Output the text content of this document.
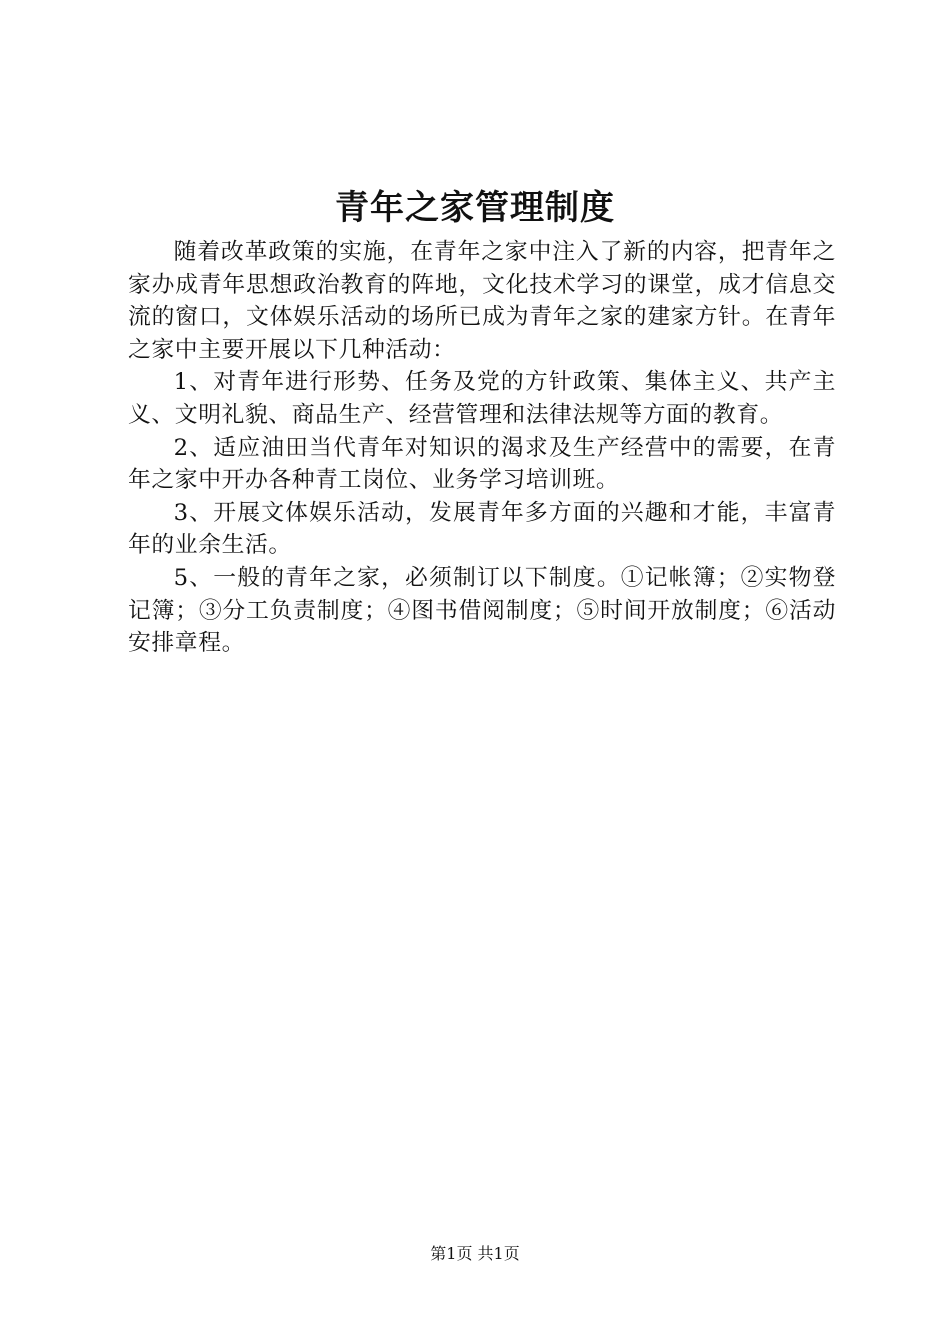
青年之家管理制度

随着改革政策的实施，在青年之家中注入了新的内容，把青年之家办成青年思想政治教育的阵地，文化技术学习的课堂，成才信息交流的窗口，文体娱乐活动的场所已成为青年之家的建家方针。在青年之家中主要开展以下几种活动：

1、对青年进行形势、任务及党的方针政策、集体主义、共产主义、文明礼貌、商品生产、经营管理和法律法规等方面的教育。

2、适应油田当代青年对知识的渴求及生产经营中的需要，在青年之家中开办各种青工岗位、业务学习培训班。

3、开展文体娱乐活动，发展青年多方面的兴趣和才能，丰富青年的业余生活。

5、一般的青年之家，必须制订以下制度。①记帐簿；②实物登记簿；③分工负责制度；④图书借阅制度；⑤时间开放制度；⑥活动安排章程。

第1页 共1页
